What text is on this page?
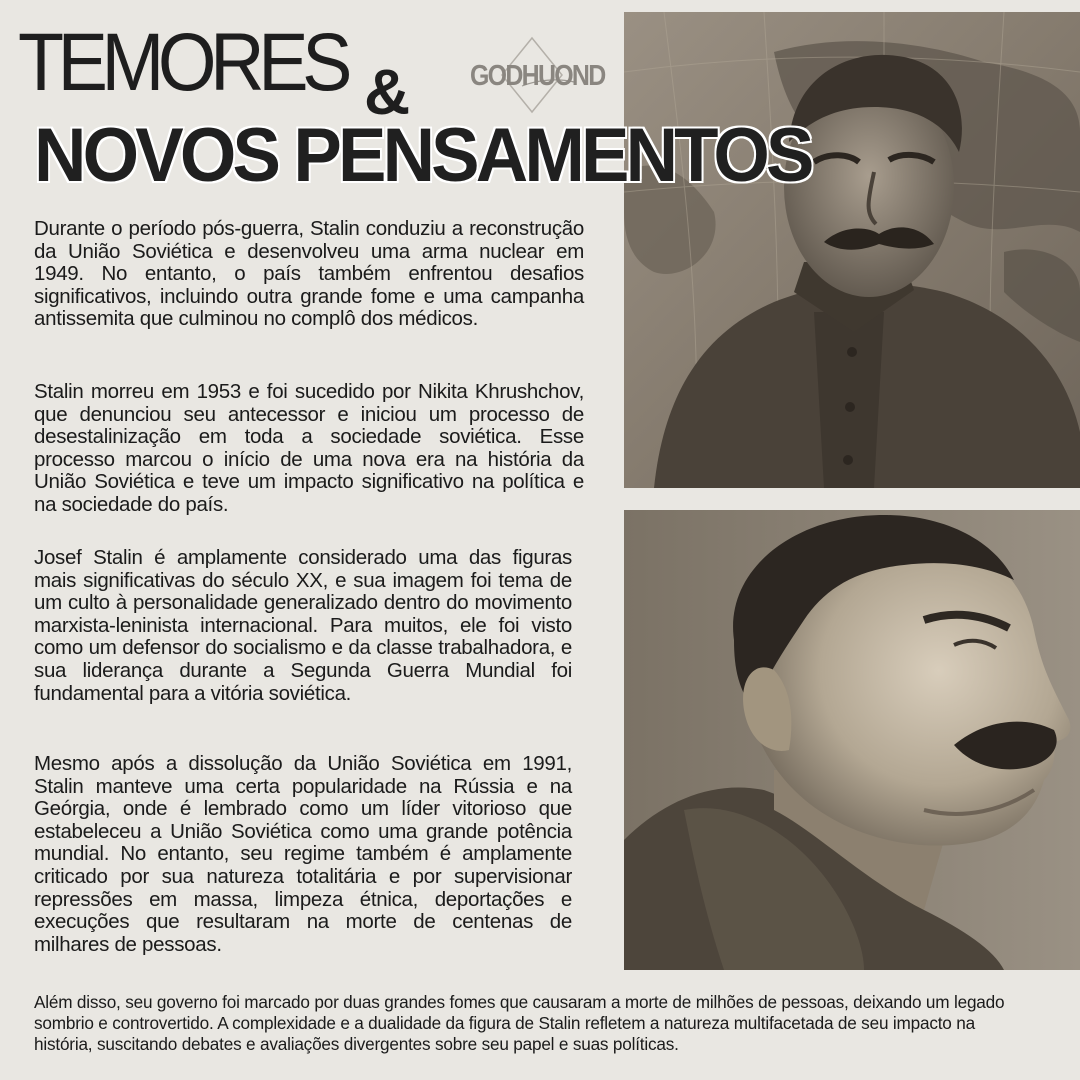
TEMORES & GODHUOND
NOVOS PENSAMENTOS

Durante o período pós-guerra, Stalin conduziu a reconstrução da União Soviética e desenvolveu uma arma nuclear em 1949. No entanto, o país também enfrentou desafios significativos, incluindo outra grande fome e uma campanha antissemita que culminou no complô dos médicos.

Stalin morreu em 1953 e foi sucedido por Nikita Khrushchov, que denunciou seu antecessor e iniciou um processo de desestalinização em toda a sociedade soviética. Esse processo marcou o início de uma nova era na história da União Soviética e teve um impacto significativo na política e na sociedade do país.

Josef Stalin é amplamente considerado uma das figuras mais significativas do século XX, e sua imagem foi tema de um culto à personalidade generalizado dentro do movimento marxista-leninista internacional. Para muitos, ele foi visto como um defensor do socialismo e da classe trabalhadora, e sua liderança durante a Segunda Guerra Mundial foi fundamental para a vitória soviética.

Mesmo após a dissolução da União Soviética em 1991, Stalin manteve uma certa popularidade na Rússia e na Geórgia, onde é lembrado como um líder vitorioso que estabeleceu a União Soviética como uma grande potência mundial. No entanto, seu regime também é amplamente criticado por sua natureza totalitária e por supervisionar repressões em massa, limpeza étnica, deportações e execuções que resultaram na morte de centenas de milhares de pessoas.

Além disso, seu governo foi marcado por duas grandes fomes que causaram a morte de milhões de pessoas, deixando um legado sombrio e controvertido. A complexidade e a dualidade da figura de Stalin refletem a natureza multifacetada de seu impacto na história, suscitando debates e avaliações divergentes sobre seu papel e suas políticas.
